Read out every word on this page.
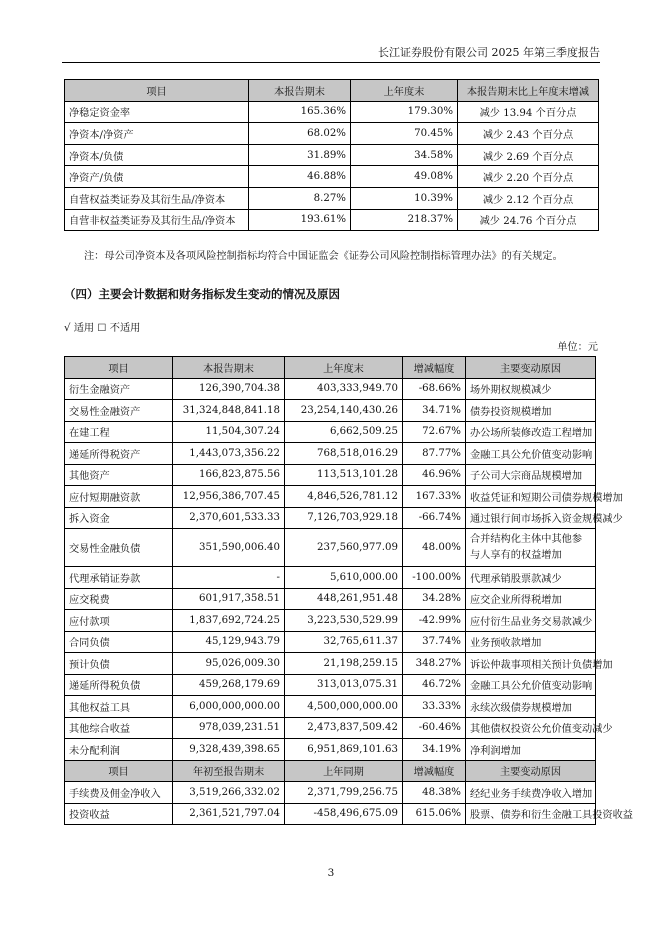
长江证券股份有限公司 2025 年第三季度报告
项目	本报告期末	上年度末	本报告期末比上年度末增减
净稳定资金率	165.36%	179.30%	减少 13.94 个百分点
净资本/净资产	68.02%	70.45%	减少 2.43 个百分点
净资本/负债	31.89%	34.58%	减少 2.69 个百分点
净资产/负债	46.88%	49.08%	减少 2.20 个百分点
自营权益类证券及其衍生品/净资本	8.27%	10.39%	减少 2.12 个百分点
自营非权益类证券及其衍生品/净资本	193.61%	218.37%	减少 24.76 个百分点
注：母公司净资本及各项风险控制指标均符合中国证监会《证券公司风险控制指标管理办法》的有关规定。
（四）主要会计数据和财务指标发生变动的情况及原因
√ 适用 ☐ 不适用
单位：元
项目	本报告期末	上年度末	增减幅度	主要变动原因
衍生金融资产	126,390,704.38	403,333,949.70	-68.66%	场外期权规模减少
交易性金融资产	31,324,848,841.18	23,254,140,430.26	34.71%	债券投资规模增加
在建工程	11,504,307.24	6,662,509.25	72.67%	办公场所装修改造工程增加
递延所得税资产	1,443,073,356.22	768,518,016.29	87.77%	金融工具公允价值变动影响
其他资产	166,823,875.56	113,513,101.28	46.96%	子公司大宗商品规模增加
应付短期融资款	12,956,386,707.45	4,846,526,781.12	167.33%	收益凭证和短期公司债券规模增加
拆入资金	2,370,601,533.33	7,126,703,929.18	-66.74%	通过银行间市场拆入资金规模减少
交易性金融负债	351,590,006.40	237,560,977.09	48.00%	合并结构化主体中其他参与人享有的权益增加
代理承销证券款	-	5,610,000.00	-100.00%	代理承销股票款减少
应交税费	601,917,358.51	448,261,951.48	34.28%	应交企业所得税增加
应付款项	1,837,692,724.25	3,223,530,529.99	-42.99%	应付衍生品业务交易款减少
合同负债	45,129,943.79	32,765,611.37	37.74%	业务预收款增加
预计负债	95,026,009.30	21,198,259.15	348.27%	诉讼仲裁事项相关预计负债增加
递延所得税负债	459,268,179.69	313,013,075.31	46.72%	金融工具公允价值变动影响
其他权益工具	6,000,000,000.00	4,500,000,000.00	33.33%	永续次级债券规模增加
其他综合收益	978,039,231.51	2,473,837,509.42	-60.46%	其他债权投资公允价值变动减少
未分配利润	9,328,439,398.65	6,951,869,101.63	34.19%	净利润增加
项目	年初至报告期末	上年同期	增减幅度	主要变动原因
手续费及佣金净收入	3,519,266,332.02	2,371,799,256.75	48.38%	经纪业务手续费净收入增加
投资收益	2,361,521,797.04	-458,496,675.09	615.06%	股票、债券和衍生金融工具投资收益
3
